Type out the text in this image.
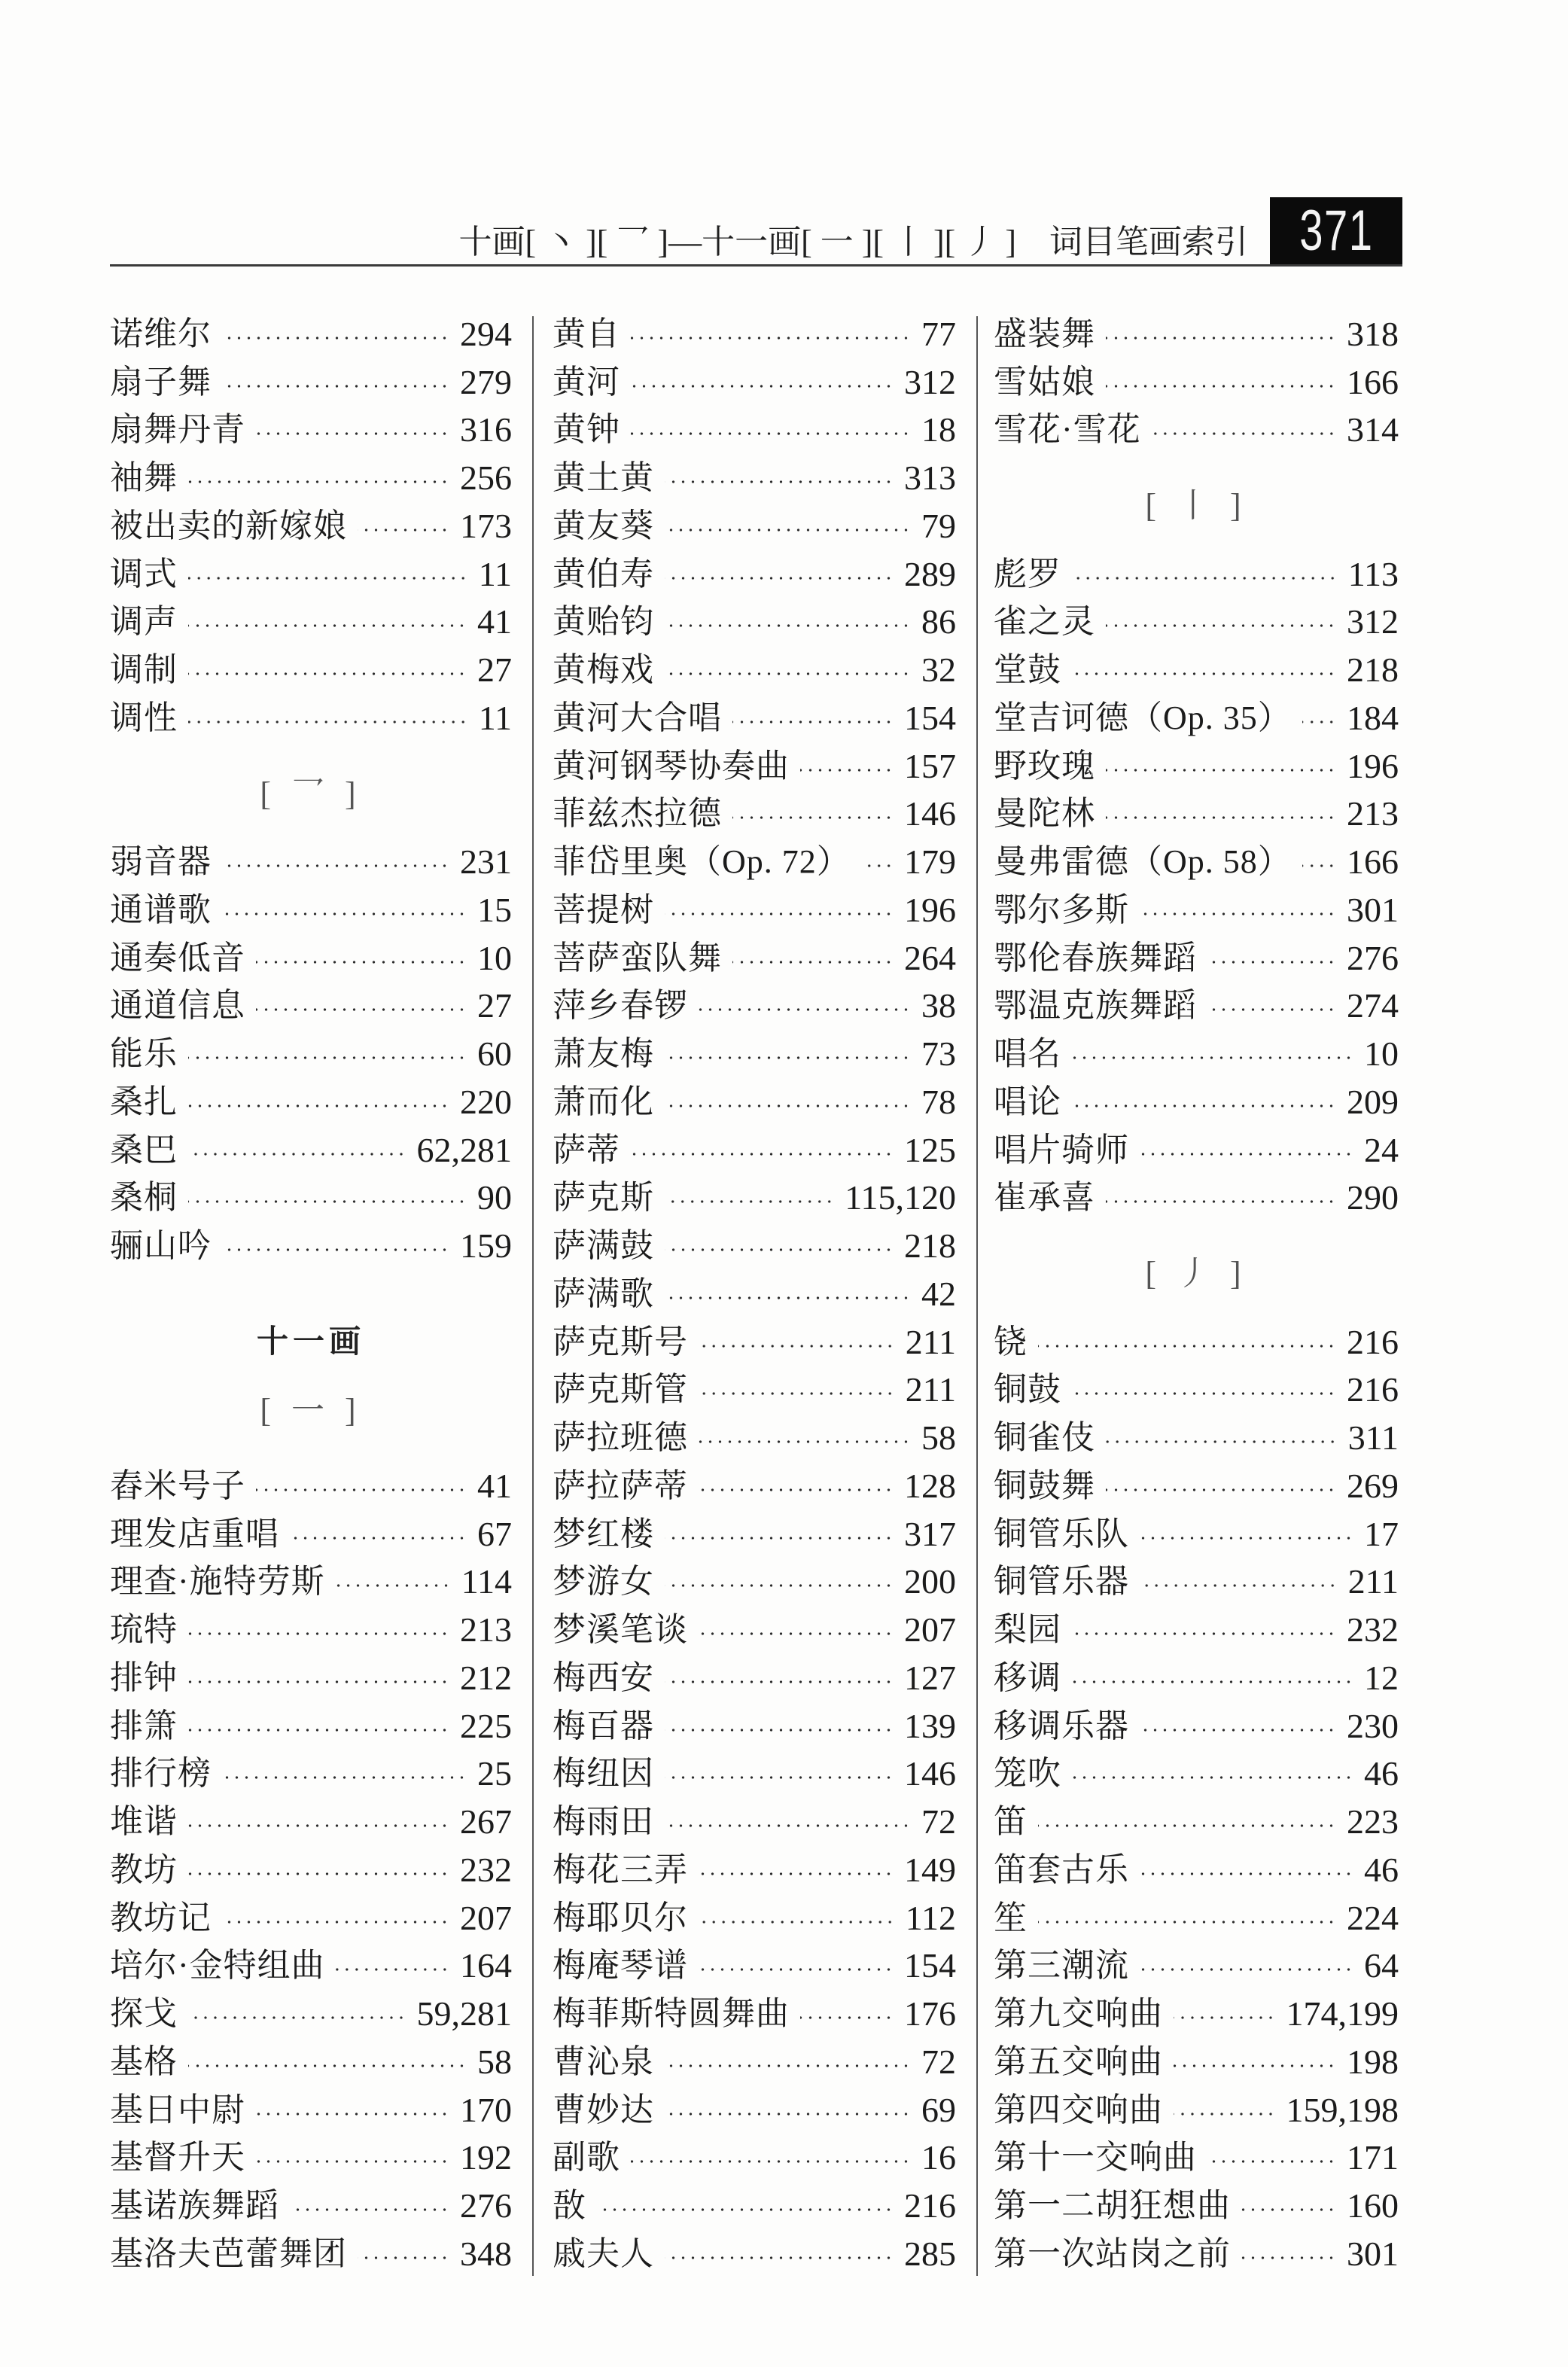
十画[ 丶 ][ 乛 ]—十一画[ 一 ][ 丨 ][ 丿 ] 词目笔画索引 371
诺维尔	294
扇子舞	279
扇舞丹青	316
袖舞	256
被出卖的新嫁娘	173
调式	11
调声	41
调制	27
调性	11
[ 乛 ]
弱音器	231
通谱歌	15
通奏低音	10
通道信息	27
能乐	60
桑扎	220
桑巴	62,281
桑桐	90
骊山吟	159
十一画
[ 一 ]
舂米号子	41
理发店重唱	67
理查·施特劳斯	114
琉特	213
排钟	212
排箫	225
排行榜	25
堆谐	267
教坊	232
教坊记	207
培尔·金特组曲	164
探戈	59,281
基格	58
基日中尉	170
基督升天	192
基诺族舞蹈	276
基洛夫芭蕾舞团	348
黄自	77
黄河	312
黄钟	18
黄土黄	313
黄友葵	79
黄伯寿	289
黄贻钧	86
黄梅戏	32
黄河大合唱	154
黄河钢琴协奏曲	157
菲兹杰拉德	146
菲岱里奥（Op. 72） 179
菩提树	196
菩萨蛮队舞	264
萍乡春锣	38
萧友梅	73
萧而化	78
萨蒂	125
萨克斯	115,120
萨满鼓	218
萨满歌	42
萨克斯号	211
萨克斯管	211
萨拉班德	58
萨拉萨蒂	128
梦红楼	317
梦游女	200
梦溪笔谈	207
梅西安	127
梅百器	139
梅纽因	146
梅雨田	72
梅花三弄	149
梅耶贝尔	112
梅庵琴谱	154
梅菲斯特圆舞曲	176
曹沁泉	72
曹妙达	69
副歌	16
敔	216
戚夫人	285
盛装舞	318
雪姑娘	166
雪花·雪花	314
[ 丨 ]
彪罗	113
雀之灵	312
堂鼓	218
堂吉诃德（Op. 35） 184
野玫瑰	196
曼陀林	213
曼弗雷德（Op. 58） 166
鄂尔多斯	301
鄂伦春族舞蹈	276
鄂温克族舞蹈	274
唱名	10
唱论	209
唱片骑师	24
崔承喜	290
[ 丿 ]
铙	216
铜鼓	216
铜雀伎	311
铜鼓舞	269
铜管乐队	17
铜管乐器	211
梨园	232
移调	12
移调乐器	230
笼吹	46
笛	223
笛套古乐	46
笙	224
第三潮流	64
第九交响曲	174,199
第五交响曲	198
第四交响曲	159,198
第十一交响曲	171
第一二胡狂想曲	160
第一次站岗之前	301
